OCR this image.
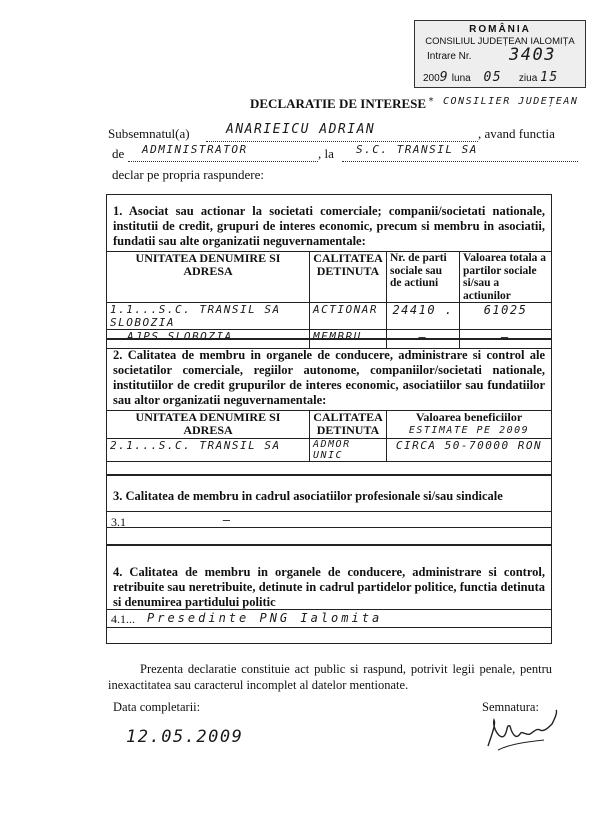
ROMÂNIA
CONSILIUL JUDEȚEAN IALOMIȚA
Intrare Nr. 3403
2009 luna 05 ziua 15
DECLARATIE DE INTERESE * CONSILIER JUDEȚEAN
Subsemnatul(a)	ANARIEICU ADRIAN	, avand functia
de ADMINISTRATOR	, la S.C. TRANSIL SA
declar pe propria raspundere:
1. Asociat sau actionar la societati comerciale; companii/societati nationale, institutii de credit, grupuri de interes economic, precum si membru in asociatii, fundatii sau alte organizatii neguvernamentale:
UNITATEA DENUMIRE SI ADRESA	CALITATEA DETINUTA	Nr. de parti sociale sau de actiuni	Valoarea totala a partilor sociale si/sau a actiunilor
1.1...S.C. TRANSIL SA SLOBOZIA	ACTIONAR	24410 .	61025
AJPS SLOBOZIA	MEMBRU	—	—
2. Calitatea de membru in organele de conducere, administrare si control ale societatilor comerciale, regiilor autonome, companiilor/societati nationale, institutiilor de credit grupurilor de interes economic, asociatiilor sau fundatiilor sau altor organizatii neguvernamentale:
UNITATEA DENUMIRE SI ADRESA	CALITATEA DETINUTA	Valoarea beneficiilor
ESTIMATE PE 2009
2.1...S.C. TRANSIL SA	ADMOR UNIC	CIRCA 50-70000 RON
3. Calitatea de membru in cadrul asociatiilor profesionale si/sau sindicale
3.1	—
4. Calitatea de membru in organele de conducere, administrare si control, retribuite sau neretribuite, detinute in cadrul partidelor politice, functia detinuta si denumirea partidului politic
4.1... Presedinte PNG Ialomita
Prezenta declaratie constituie act public si raspund, potrivit legii penale, pentru inexactitatea sau caracterul incomplet al datelor mentionate.
Data completarii:
12.05.2009
Semnatura:
